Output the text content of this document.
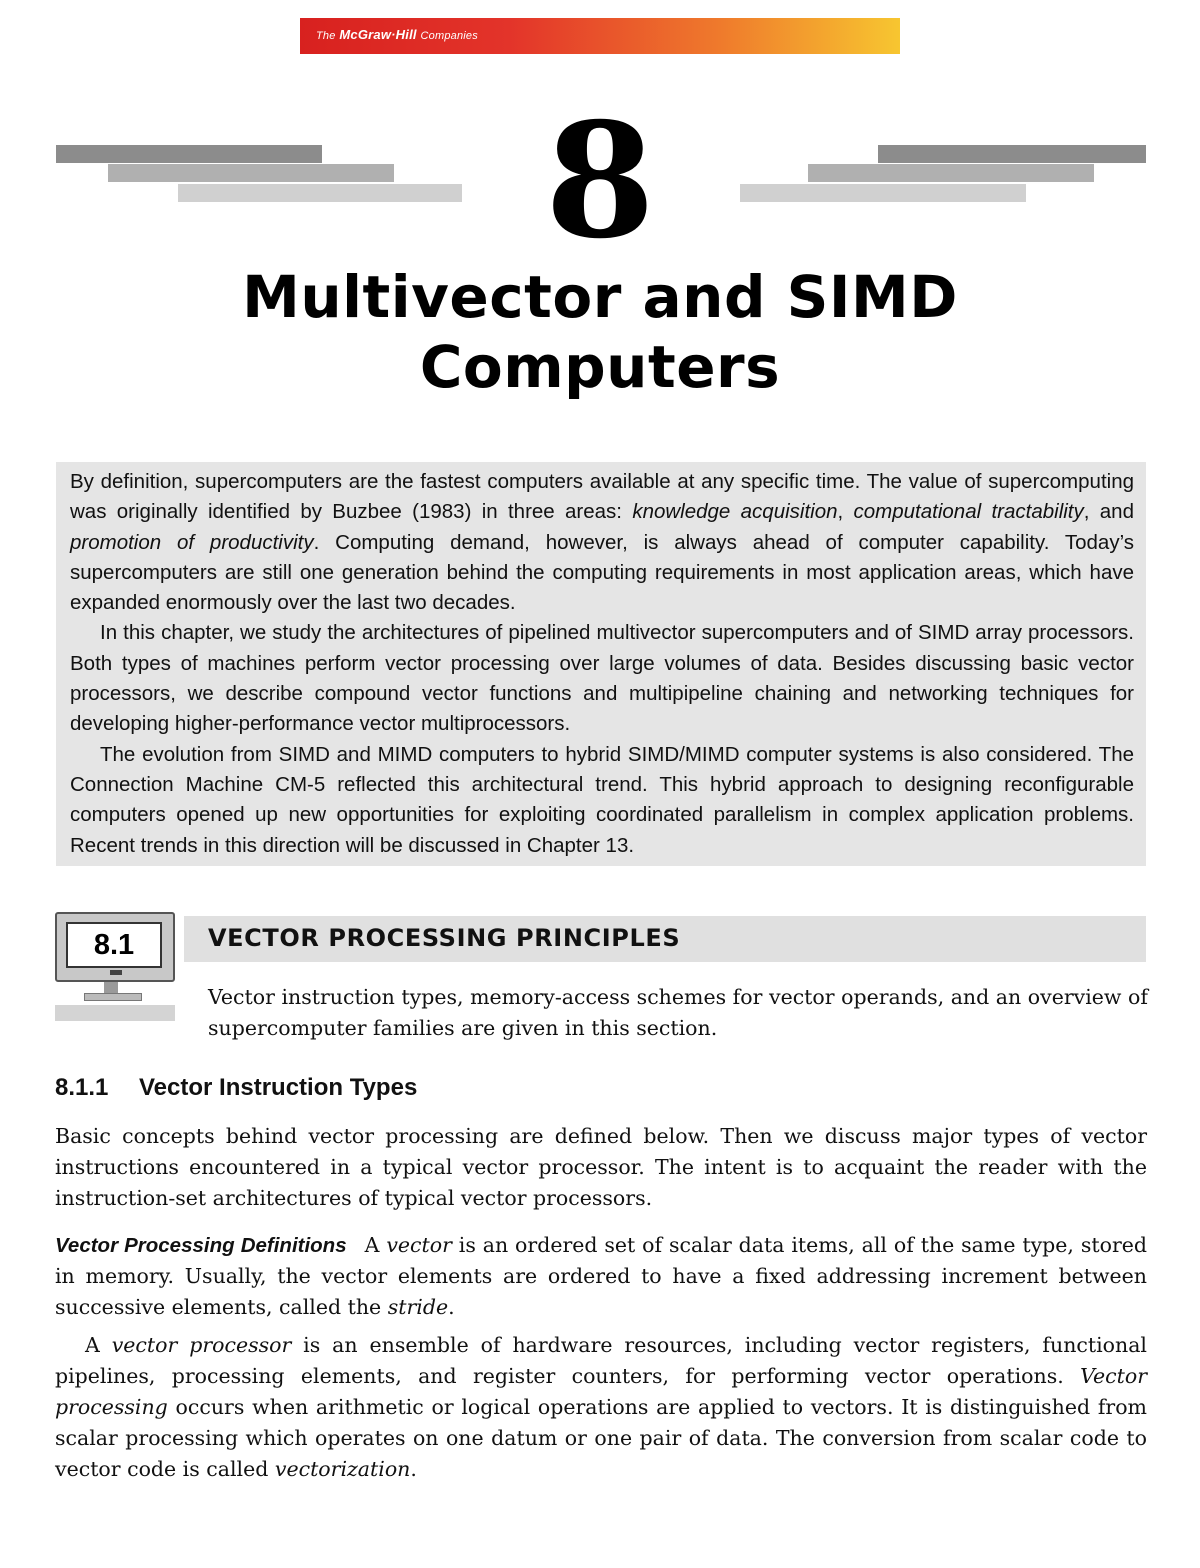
The McGraw·Hill Companies
8
Multivector and SIMD
Computers

By definition, supercomputers are the fastest computers available at any specific time. The value of supercomputing was originally identified by Buzbee (1983) in three areas: knowledge acquisition, computational tractability, and promotion of productivity. Computing demand, however, is always ahead of computer capability. Today’s supercomputers are still one generation behind the computing requirements in most application areas, which have expanded enormously over the last two decades.

In this chapter, we study the architectures of pipelined multivector supercomputers and of SIMD array processors. Both types of machines perform vector processing over large volumes of data. Besides discussing basic vector processors, we describe compound vector functions and multipipeline chaining and networking techniques for developing higher-performance vector multiprocessors.

The evolution from SIMD and MIMD computers to hybrid SIMD/MIMD computer systems is also considered. The Connection Machine CM-5 reflected this architectural trend. This hybrid approach to designing reconfigurable computers opened up new opportunities for exploiting coordinated parallelism in complex application problems. Recent trends in this direction will be discussed in Chapter 13.

8.1	VECTOR PROCESSING PRINCIPLES

Vector instruction types, memory-access schemes for vector operands, and an overview of supercomputer families are given in this section.

8.1.1 Vector Instruction Types

Basic concepts behind vector processing are defined below. Then we discuss major types of vector instructions encountered in a typical vector processor. The intent is to acquaint the reader with the instruction-set architectures of typical vector processors.

Vector Processing Definitions A vector is an ordered set of scalar data items, all of the same type, stored in memory. Usually, the vector elements are ordered to have a fixed addressing increment between successive elements, called the stride.

A vector processor is an ensemble of hardware resources, including vector registers, functional pipelines, processing elements, and register counters, for performing vector operations. Vector processing occurs when arithmetic or logical operations are applied to vectors. It is distinguished from scalar processing which operates on one datum or one pair of data. The conversion from scalar code to vector code is called vectorization.
